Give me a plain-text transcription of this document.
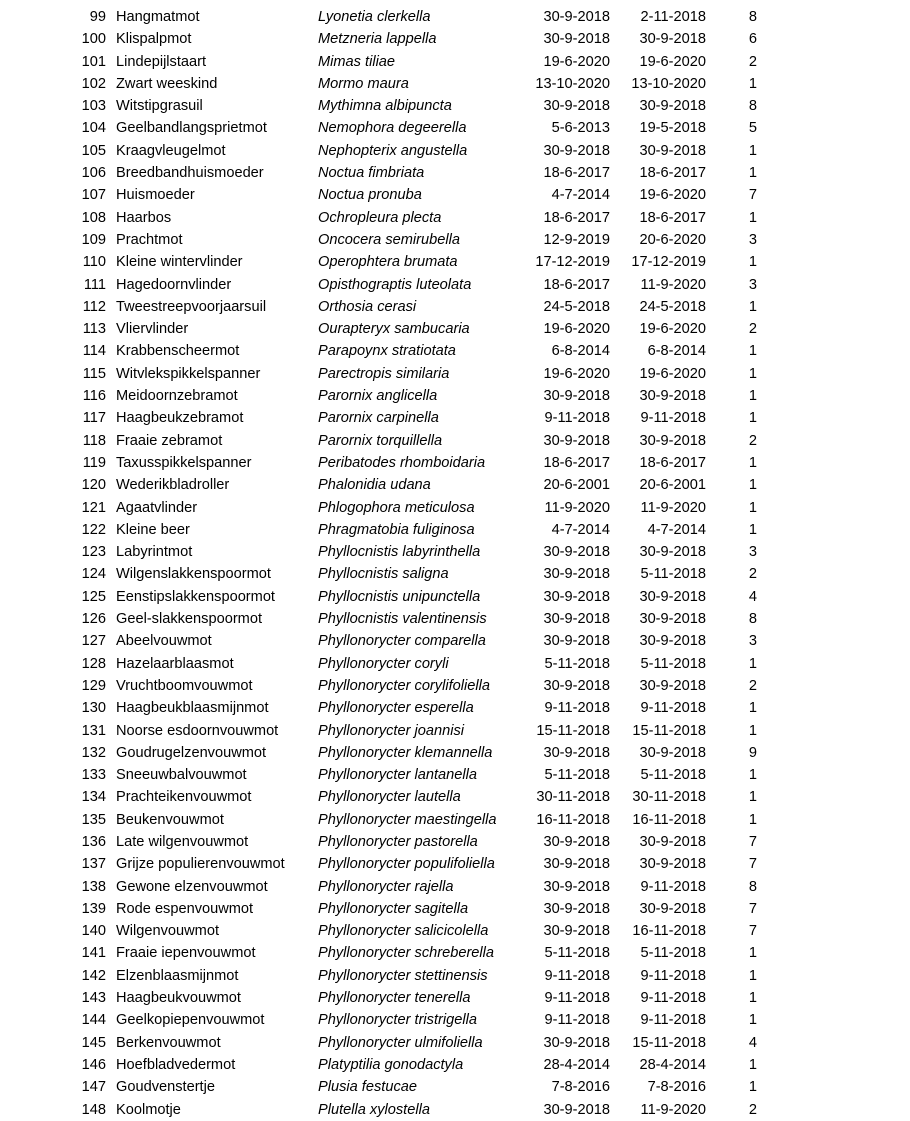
99 Hangmatmot	Lyonetia clerkella	30-9-2018	2-11-2018	8
100 Klispalpmot	Metzneria lappella	30-9-2018	30-9-2018	6
101 Lindepijlstaart	Mimas tiliae	19-6-2020	19-6-2020	2
102 Zwart weeskind	Mormo maura	13-10-2020	13-10-2020	1
103 Witstipgrasuil	Mythimna albipuncta	30-9-2018	30-9-2018	8
104 Geelbandlangsprietmot	Nemophora degeerella	5-6-2013	19-5-2018	5
105 Kraagvleugelmot	Nephopterix angustella	30-9-2018	30-9-2018	1
106 Breedbandhuismoeder	Noctua fimbriata	18-6-2017	18-6-2017	1
107 Huismoeder	Noctua pronuba	4-7-2014	19-6-2020	7
108 Haarbos	Ochropleura plecta	18-6-2017	18-6-2017	1
109 Prachtmot	Oncocera semirubella	12-9-2019	20-6-2020	3
110 Kleine wintervlinder	Operophtera brumata	17-12-2019	17-12-2019	1
111 Hagedoornvlinder	Opisthograptis luteolata	18-6-2017	11-9-2020	3
112 Tweestreepvoorjaarsuil	Orthosia cerasi	24-5-2018	24-5-2018	1
113 Vliervlinder	Ourapteryx sambucaria	19-6-2020	19-6-2020	2
114 Krabbenscheermot	Parapoynx stratiotata	6-8-2014	6-8-2014	1
115 Witvlekspikkelspanner	Parectropis similaria	19-6-2020	19-6-2020	1
116 Meidoornzebramot	Parornix anglicella	30-9-2018	30-9-2018	1
117 Haagbeukzebramot	Parornix carpinella	9-11-2018	9-11-2018	1
118 Fraaie zebramot	Parornix torquillella	30-9-2018	30-9-2018	2
119 Taxusspikkelspanner	Peribatodes rhomboidaria	18-6-2017	18-6-2017	1
120 Wederikbladroller	Phalonidia udana	20-6-2001	20-6-2001	1
121 Agaatvlinder	Phlogophora meticulosa	11-9-2020	11-9-2020	1
122 Kleine beer	Phragmatobia fuliginosa	4-7-2014	4-7-2014	1
123 Labyrintmot	Phyllocnistis labyrinthella	30-9-2018	30-9-2018	3
124 Wilgenslakkenspoormot	Phyllocnistis saligna	30-9-2018	5-11-2018	2
125 Eenstipslakkenspoormot	Phyllocnistis unipunctella	30-9-2018	30-9-2018	4
126 Geel-slakkenspoormot	Phyllocnistis valentinensis	30-9-2018	30-9-2018	8
127 Abeelvouwmot	Phyllonorycter comparella	30-9-2018	30-9-2018	3
128 Hazelaarblaasmot	Phyllonorycter coryli	5-11-2018	5-11-2018	1
129 Vruchtboomvouwmot	Phyllonorycter corylifoliella	30-9-2018	30-9-2018	2
130 Haagbeukblaasmijnmot	Phyllonorycter esperella	9-11-2018	9-11-2018	1
131 Noorse esdoornvouwmot	Phyllonorycter joannisi	15-11-2018	15-11-2018	1
132 Goudrugelzenvouwmot	Phyllonorycter klemannella	30-9-2018	30-9-2018	9
133 Sneeuwbalvouwmot	Phyllonorycter lantanella	5-11-2018	5-11-2018	1
134 Prachteikenvouwmot	Phyllonorycter lautella	30-11-2018	30-11-2018	1
135 Beukenvouwmot	Phyllonorycter maestingella	16-11-2018	16-11-2018	1
136 Late wilgenvouwmot	Phyllonorycter pastorella	30-9-2018	30-9-2018	7
137 Grijze populierenvouwmot	Phyllonorycter populifoliella	30-9-2018	30-9-2018	7
138 Gewone elzenvouwmot	Phyllonorycter rajella	30-9-2018	9-11-2018	8
139 Rode espenvouwmot	Phyllonorycter sagitella	30-9-2018	30-9-2018	7
140 Wilgenvouwmot	Phyllonorycter salicicolella	30-9-2018	16-11-2018	7
141 Fraaie iepenvouwmot	Phyllonorycter schreberella	5-11-2018	5-11-2018	1
142 Elzenblaasmijnmot	Phyllonorycter stettinensis	9-11-2018	9-11-2018	1
143 Haagbeukvouwmot	Phyllonorycter tenerella	9-11-2018	9-11-2018	1
144 Geelkopiepenvouwmot	Phyllonorycter tristrigella	9-11-2018	9-11-2018	1
145 Berkenvouwmot	Phyllonorycter ulmifoliella	30-9-2018	15-11-2018	4
146 Hoefbladvedermot	Platyptilia gonodactyla	28-4-2014	28-4-2014	1
147 Goudvenstertje	Plusia festucae	7-8-2016	7-8-2016	1
148 Koolmotje	Plutella xylostella	30-9-2018	11-9-2020	2
